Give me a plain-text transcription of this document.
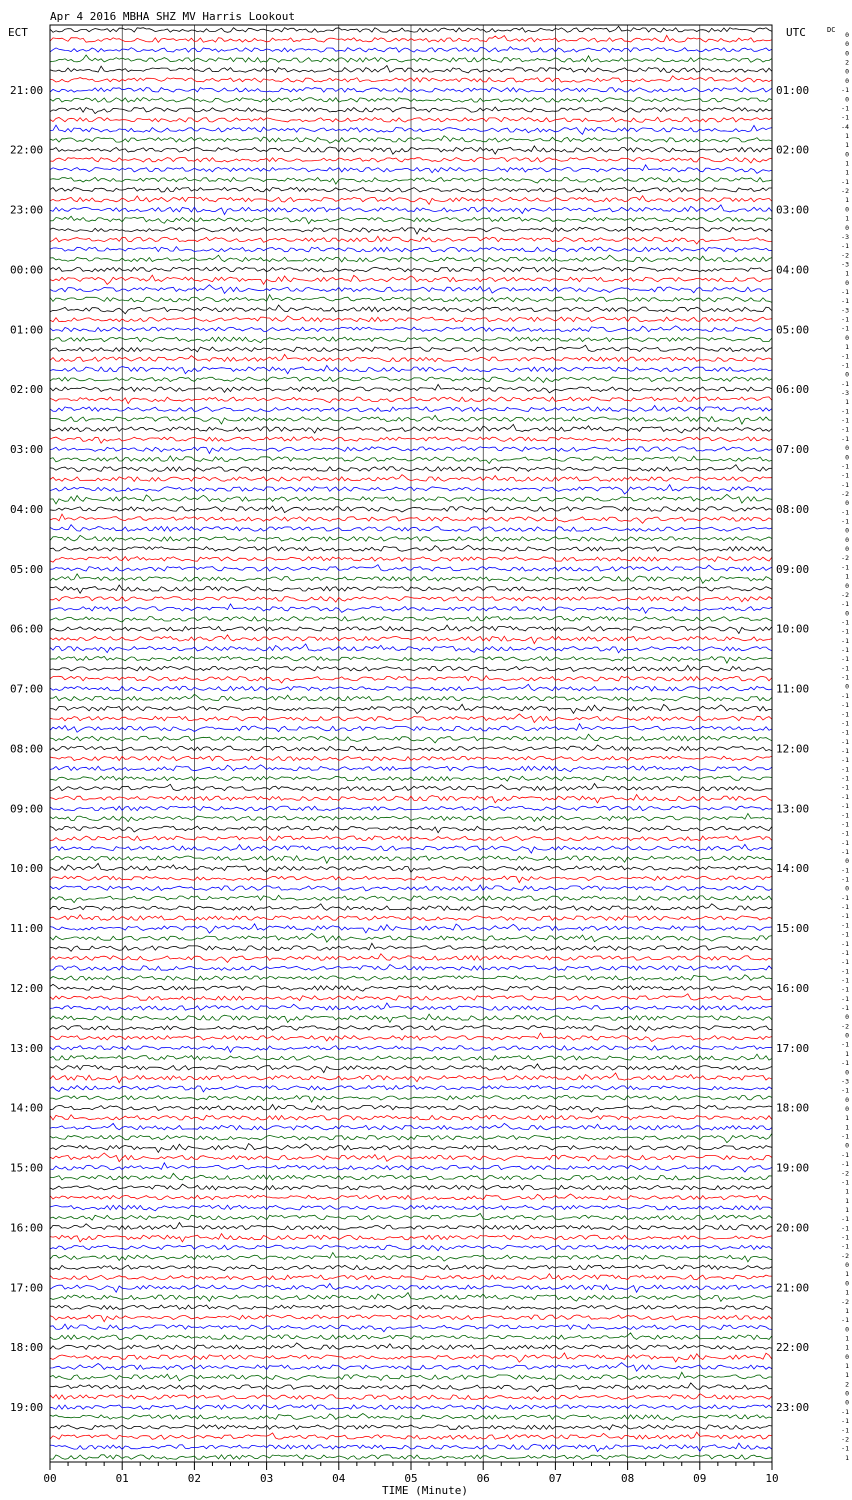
Apr 4 2016 MBHA SHZ MV Harris Lookout
ECT	UTC	DC
21:00
22:00
23:00
00:00
01:00
02:00
03:00
04:00
05:00
06:00
07:00
08:00
09:00
10:00
11:00
12:00
13:00
14:00
15:00
16:00
17:00
18:00
19:00
01:00
02:00
03:00
04:00
05:00
06:00
07:00
08:00
09:00
10:00
11:00
12:00
13:00
14:00
15:00
16:00
17:00
18:00
19:00
20:00
21:00
22:00
23:00
0
0
0
2
0
0
-1
0
-1
-1
-4
1
1
0
1
1
-1
-2
1
0
1
0
-3
-1
-2
-3
1
0
-1
-1
-3
-1
-1
0
1
-1
-1
0
-1
-3
1
-1
-1
-1
-1
0
0
-1
-1
-1
-2
0
-1
-1
0
0
0
-2
-1
1
0
-2
-1
0
-1
-1
-1
-1
-1
-1
-1
0
-1
-1
-1
-1
-1
-1
-1
-1
-1
-1
-1
-1
-1
-1
-1
-1
-1
-1
0
-1
-1
0
-1
-1
-1
-1
-1
-1
-1
-1
-1
-1
-1
-1
-1
0
-2
0
-1
1
-1
0
-3
-1
0
0
1
1
-1
0
-1
-1
-2
-1
1
1
1
-1
-1
-1
-1
-2
0
1
0
1
-2
1
-1
0
1
1
0
1
1
2
0
0
-1
-1
-1
-2
-1
1
00	01	02	03	04	05	06	07	08	09	10
TIME (Minute)
